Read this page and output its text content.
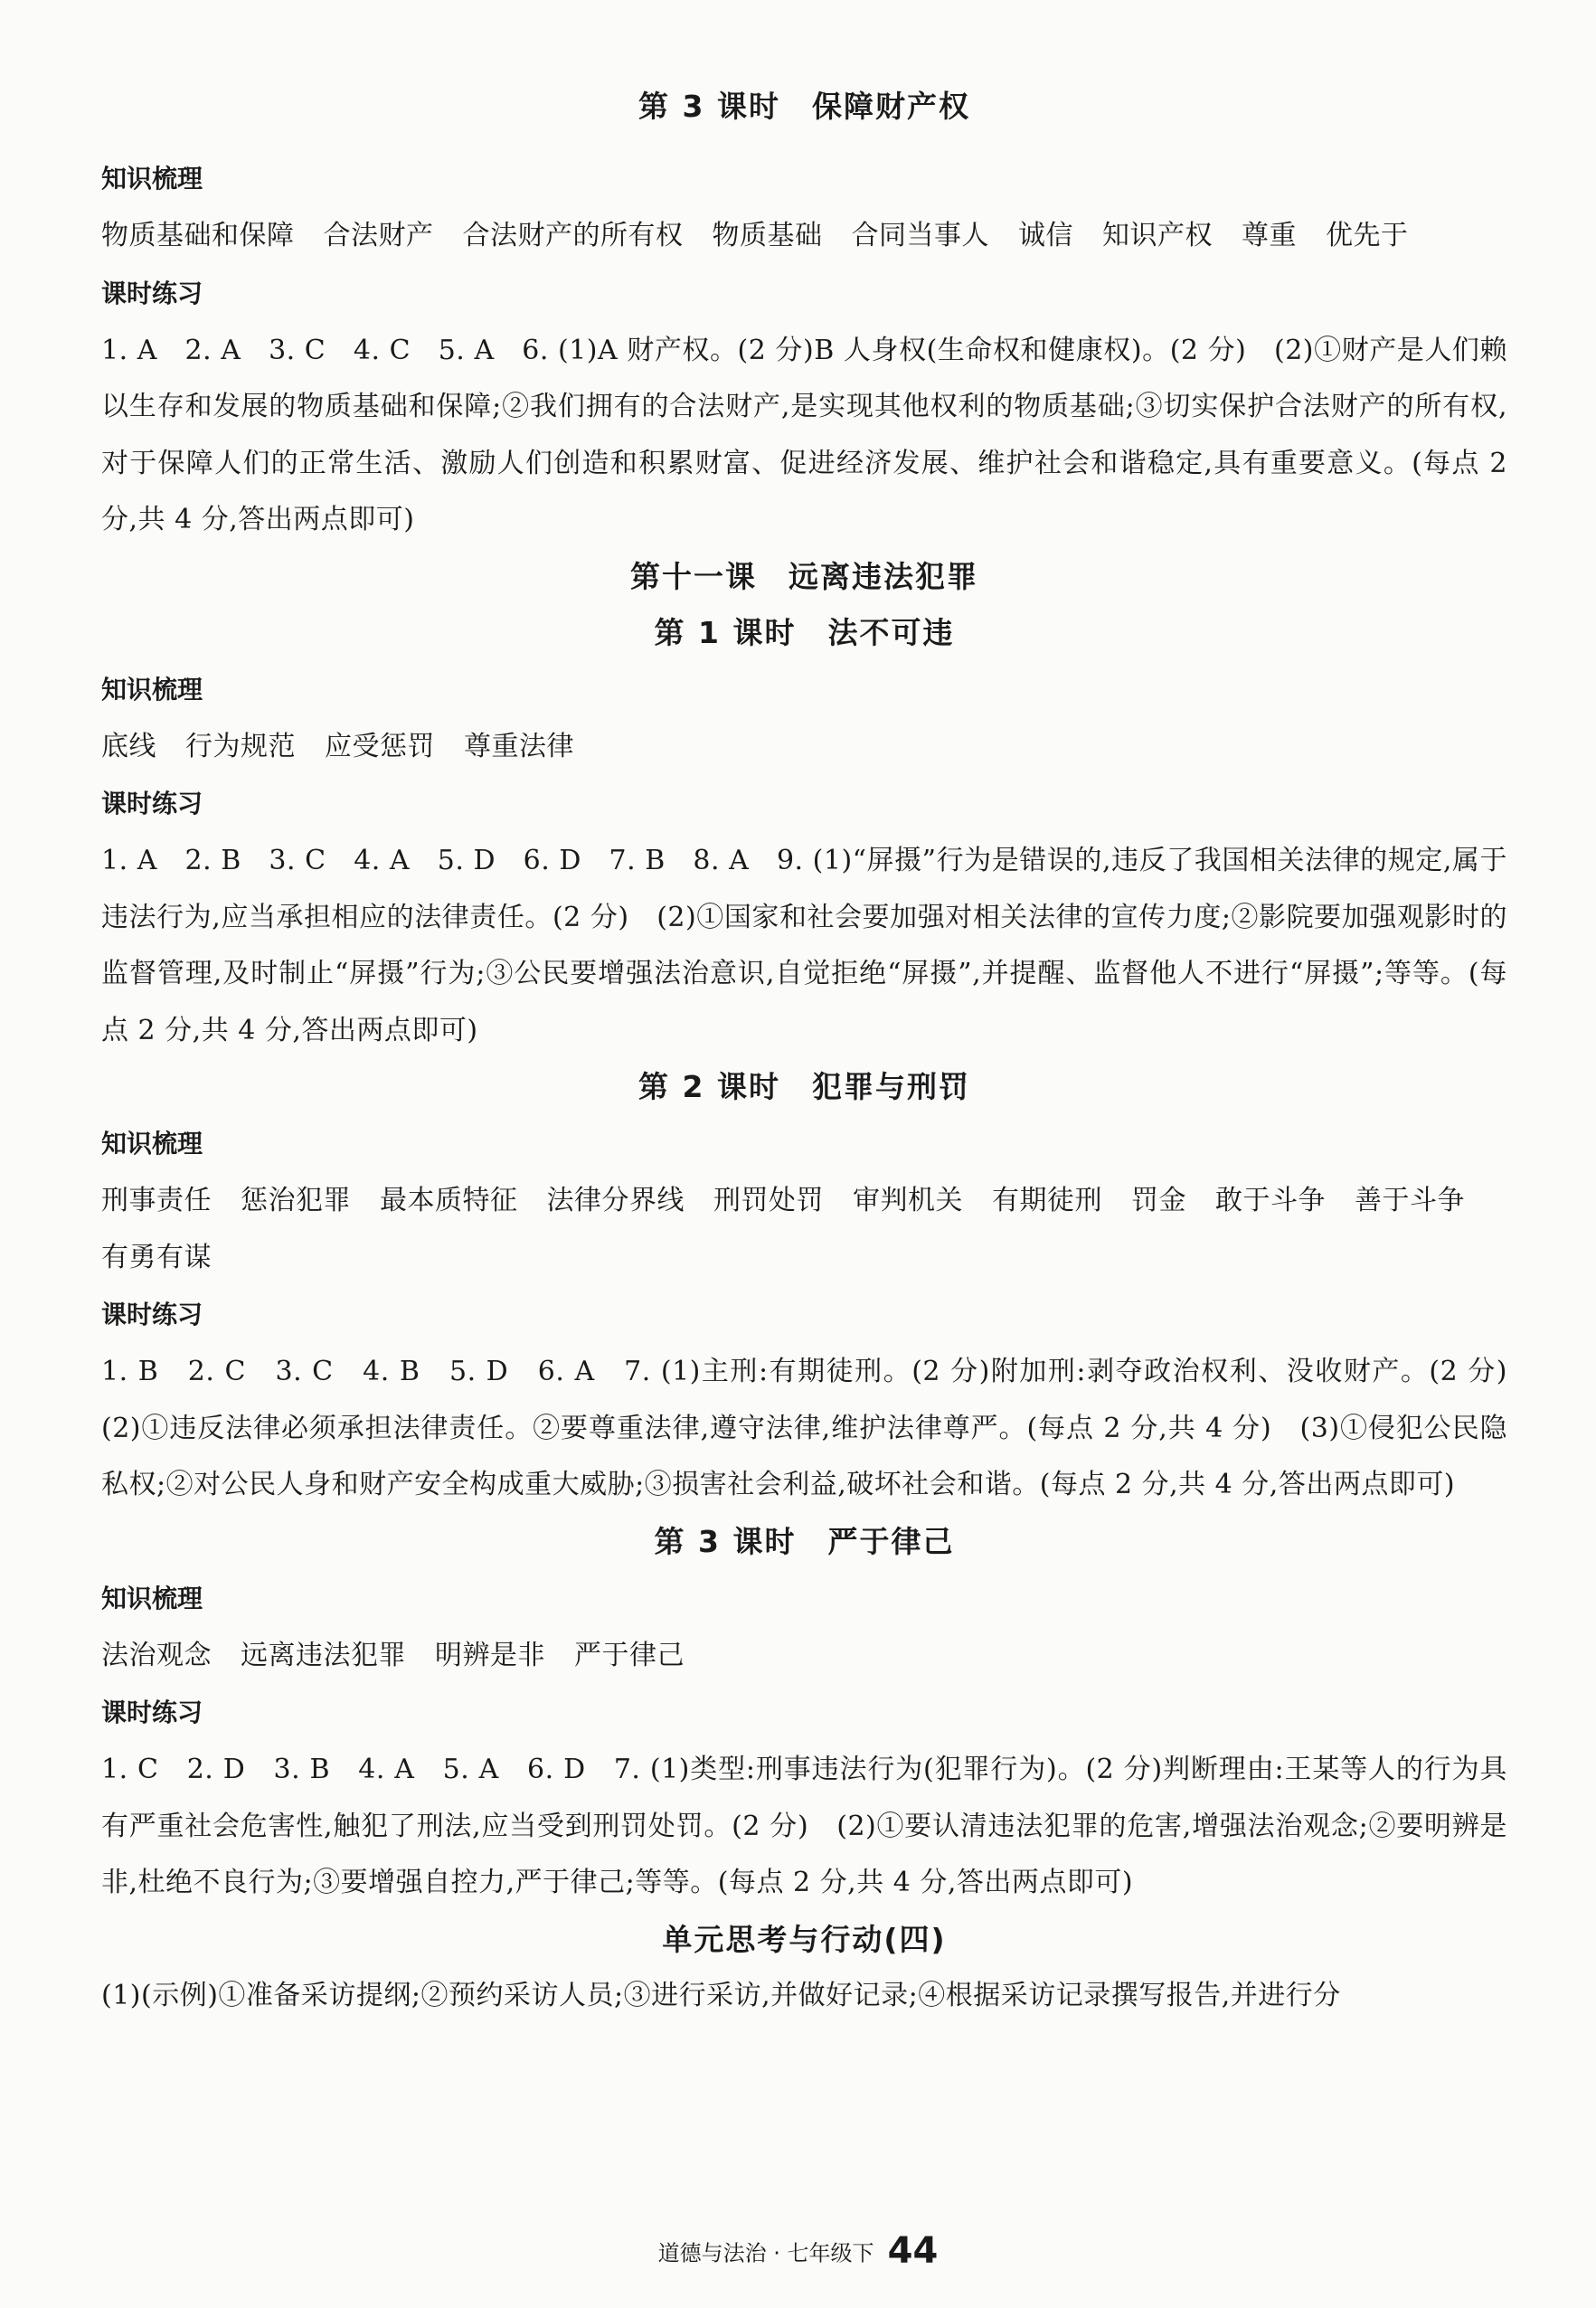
第 3 课时　保障财产权
知识梳理

物质基础和保障 合法财产 合法财产的所有权 物质基础 合同当事人 诚信 知识产权 尊重 优先于

课时练习

1. A　2. A　3. C　4. C　5. A　6. (1)A 财产权。(2 分)B 人身权(生命权和健康权)。(2 分)　(2)①财产是人们赖以生存和发展的物质基础和保障;②我们拥有的合法财产,是实现其他权利的物质基础;③切实保护合法财产的所有权,对于保障人们的正常生活、激励人们创造和积累财富、促进经济发展、维护社会和谐稳定,具有重要意义。(每点 2 分,共 4 分,答出两点即可)

第十一课　远离违法犯罪
第 1 课时　法不可违
知识梳理

底线 行为规范 应受惩罚 尊重法律

课时练习

1. A　2. B　3. C　4. A　5. D　6. D　7. B　8. A　9. (1)“屏摄”行为是错误的,违反了我国相关法律的规定,属于违法行为,应当承担相应的法律责任。(2 分)　(2)①国家和社会要加强对相关法律的宣传力度;②影院要加强观影时的监督管理,及时制止“屏摄”行为;③公民要增强法治意识,自觉拒绝“屏摄”,并提醒、监督他人不进行“屏摄”;等等。(每点 2 分,共 4 分,答出两点即可)

第 2 课时　犯罪与刑罚
知识梳理

刑事责任 惩治犯罪 最本质特征 法律分界线 刑罚处罚 审判机关 有期徒刑 罚金 敢于斗争 善于斗争有勇有谋

课时练习

1. B　2. C　3. C　4. B　5. D　6. A　7. (1)主刑:有期徒刑。(2 分)附加刑:剥夺政治权利、没收财产。(2 分)　(2)①违反法律必须承担法律责任。②要尊重法律,遵守法律,维护法律尊严。(每点 2 分,共 4 分)　(3)①侵犯公民隐私权;②对公民人身和财产安全构成重大威胁;③损害社会利益,破坏社会和谐。(每点 2 分,共 4 分,答出两点即可)

第 3 课时　严于律己
知识梳理

法治观念 远离违法犯罪 明辨是非 严于律己

课时练习

1. C　2. D　3. B　4. A　5. A　6. D　7. (1)类型:刑事违法行为(犯罪行为)。(2 分)判断理由:王某等人的行为具有严重社会危害性,触犯了刑法,应当受到刑罚处罚。(2 分)　(2)①要认清违法犯罪的危害,增强法治观念;②要明辨是非,杜绝不良行为;③要增强自控力,严于律己;等等。(每点 2 分,共 4 分,答出两点即可)

单元思考与行动(四)

(1)(示例)①准备采访提纲;②预约采访人员;③进行采访,并做好记录;④根据采访记录撰写报告,并进行分

道德与法治 · 七年级下 44
